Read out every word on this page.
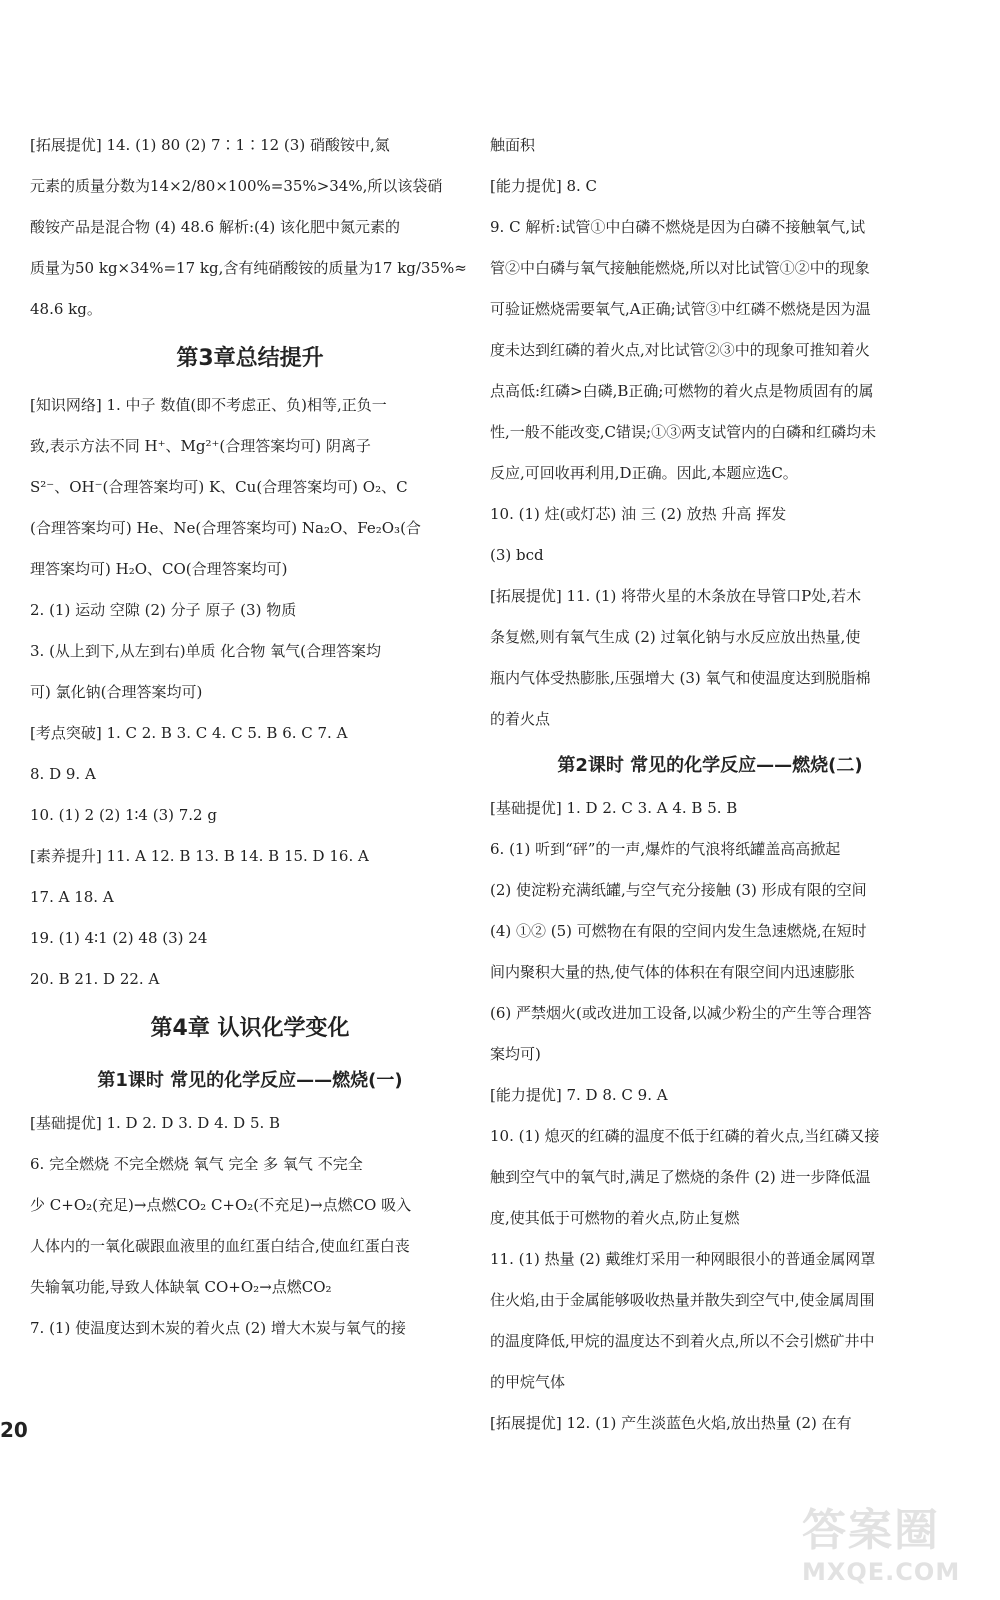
[拓展提优] 14. (1) 80 (2) 7∶1∶12 (3) 硝酸铵中,氮
元素的质量分数为14×2/80×100%=35%>34%,所以该袋硝
酸铵产品是混合物 (4) 48.6 解析:(4) 该化肥中氮元素的
质量为50 kg×34%=17 kg,含有纯硝酸铵的质量为17 kg/35%≈
48.6 kg。
第3章总结提升
[知识网络] 1. 中子 数值(即不考虑正、负)相等,正负一
致,表示方法不同 H⁺、Mg²⁺(合理答案均可) 阴离子
S²⁻、OH⁻(合理答案均可) K、Cu(合理答案均可) O₂、C
(合理答案均可) He、Ne(合理答案均可) Na₂O、Fe₂O₃(合
理答案均可) H₂O、CO(合理答案均可)
2. (1) 运动 空隙 (2) 分子 原子 (3) 物质
3. (从上到下,从左到右)单质 化合物 氧气(合理答案均
可) 氯化钠(合理答案均可)
[考点突破] 1. C 2. B 3. C 4. C 5. B 6. C 7. A
8. D 9. A
10. (1) 2 (2) 1∶4 (3) 7.2 g
[素养提升] 11. A 12. B 13. B 14. B 15. D 16. A
17. A 18. A
19. (1) 4∶1 (2) 48 (3) 24
20. B 21. D 22. A
第4章 认识化学变化
第1课时 常见的化学反应——燃烧(一)
[基础提优] 1. D 2. D 3. D 4. D 5. B
6. 完全燃烧 不完全燃烧 氧气 完全 多 氧气 不完全
少 C+O₂(充足)→点燃CO₂ C+O₂(不充足)→点燃CO 吸入
人体内的一氧化碳跟血液里的血红蛋白结合,使血红蛋白丧
失输氧功能,导致人体缺氧 CO+O₂→点燃CO₂
7. (1) 使温度达到木炭的着火点 (2) 增大木炭与氧气的接
触面积
[能力提优] 8. C
9. C 解析:试管①中白磷不燃烧是因为白磷不接触氧气,试
管②中白磷与氧气接触能燃烧,所以对比试管①②中的现象
可验证燃烧需要氧气,A正确;试管③中红磷不燃烧是因为温
度未达到红磷的着火点,对比试管②③中的现象可推知着火
点高低:红磷>白磷,B正确;可燃物的着火点是物质固有的属
性,一般不能改变,C错误;①③两支试管内的白磷和红磷均未
反应,可回收再利用,D正确。因此,本题应选C。
10. (1) 炷(或灯芯) 油 三 (2) 放热 升高 挥发
(3) bcd
[拓展提优] 11. (1) 将带火星的木条放在导管口P处,若木
条复燃,则有氧气生成 (2) 过氧化钠与水反应放出热量,使
瓶内气体受热膨胀,压强增大 (3) 氧气和使温度达到脱脂棉
的着火点
第2课时 常见的化学反应——燃烧(二)
[基础提优] 1. D 2. C 3. A 4. B 5. B
6. (1) 听到“砰”的一声,爆炸的气浪将纸罐盖高高掀起
(2) 使淀粉充满纸罐,与空气充分接触 (3) 形成有限的空间
(4) ①② (5) 可燃物在有限的空间内发生急速燃烧,在短时
间内聚积大量的热,使气体的体积在有限空间内迅速膨胀
(6) 严禁烟火(或改进加工设备,以减少粉尘的产生等合理答
案均可)
[能力提优] 7. D 8. C 9. A
10. (1) 熄灭的红磷的温度不低于红磷的着火点,当红磷又接
触到空气中的氧气时,满足了燃烧的条件 (2) 进一步降低温
度,使其低于可燃物的着火点,防止复燃
11. (1) 热量 (2) 戴维灯采用一种网眼很小的普通金属网罩
住火焰,由于金属能够吸收热量并散失到空气中,使金属周围
的温度降低,甲烷的温度达不到着火点,所以不会引燃矿井中
的甲烷气体
[拓展提优] 12. (1) 产生淡蓝色火焰,放出热量 (2) 在有
20
答案圈
MXQE.COM
